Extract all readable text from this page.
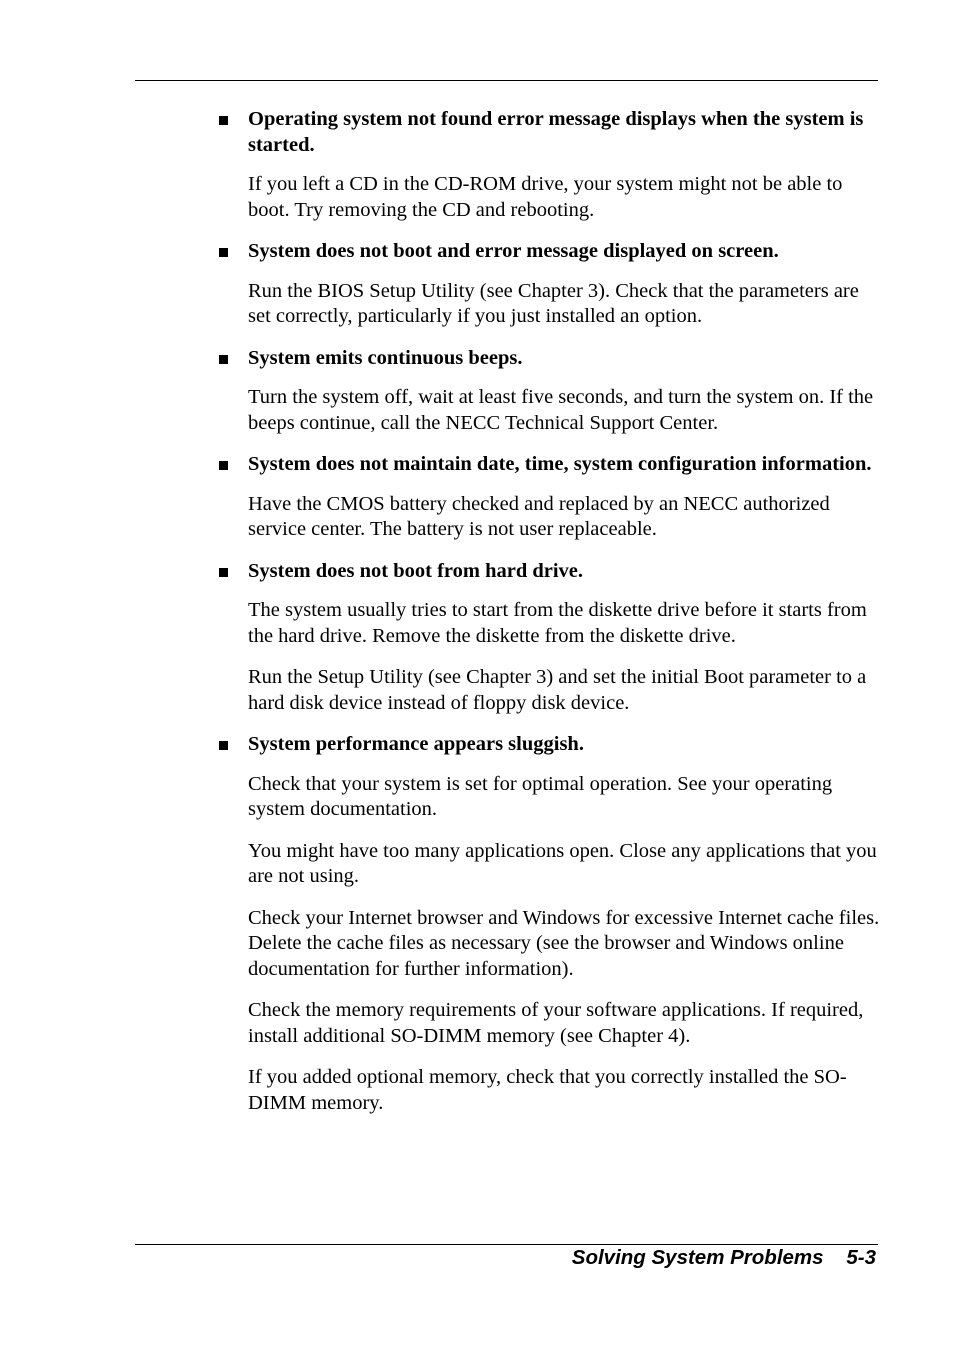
Operating system not found error message displays when the system is started.

If you left a CD in the CD-ROM drive, your system might not be able to boot. Try removing the CD and rebooting.

System does not boot and error message displayed on screen.

Run the BIOS Setup Utility (see Chapter 3). Check that the parameters are set correctly, particularly if you just installed an option.

System emits continuous beeps.

Turn the system off, wait at least five seconds, and turn the system on. If the beeps continue, call the NECC Technical Support Center.

System does not maintain date, time, system configuration information.

Have the CMOS battery checked and replaced by an NECC authorized service center. The battery is not user replaceable.

System does not boot from hard drive.

The system usually tries to start from the diskette drive before it starts from the hard drive. Remove the diskette from the diskette drive.

Run the Setup Utility (see Chapter 3) and set the initial Boot parameter to a hard disk device instead of floppy disk device.

System performance appears sluggish.

Check that your system is set for optimal operation. See your operating system documentation.

You might have too many applications open. Close any applications that you are not using.

Check your Internet browser and Windows for excessive Internet cache files. Delete the cache files as necessary (see the browser and Windows online documentation for further information).

Check the memory requirements of your software applications. If required, install additional SO-DIMM memory (see Chapter 4).

If you added optional memory, check that you correctly installed the SO-DIMM memory.

Solving System Problems 5-3
